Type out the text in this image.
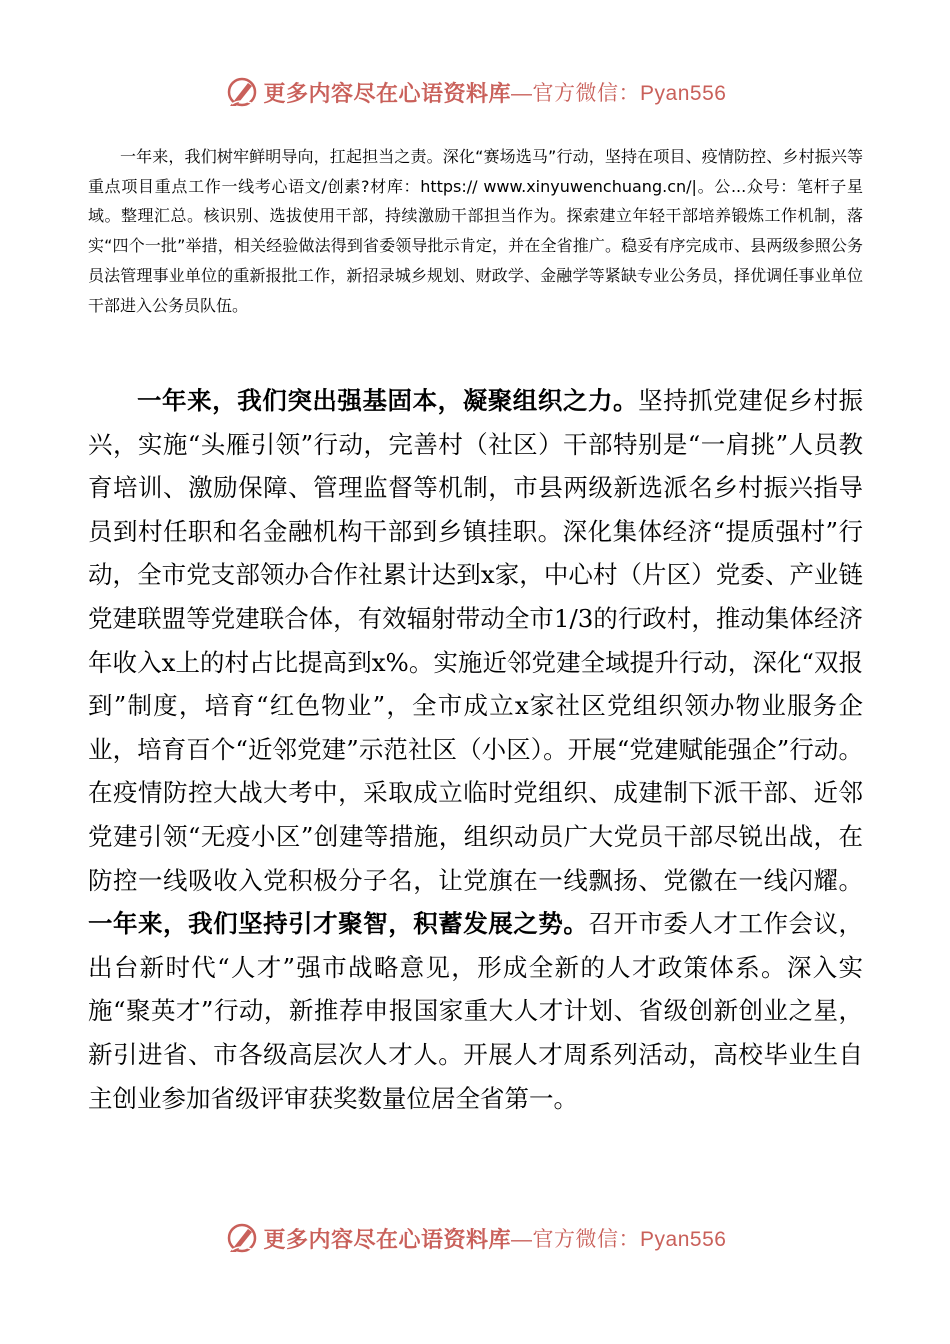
更多内容尽在心语资料库 —官方微信：Pyan556

一年来，我们树牢鲜明导向，扛起担当之责。深化“赛场选马”行动，坚持在项目、疫情防控、乡村振兴等重点项目重点工作一线考心语文/创素?材库：https:// www.xinyuwenchuang.cn/|。公...众号：笔杆子星域。整理汇总。核识别、选拔使用干部，持续激励干部担当作为。探索建立年轻干部培养锻炼工作机制，落实“四个一批”举措，相关经验做法得到省委领导批示肯定，并在全省推广。稳妥有序完成市、县两级参照公务员法管理事业单位的重新报批工作，新招录城乡规划、财政学、金融学等紧缺专业公务员，择优调任事业单位干部进入公务员队伍。

一年来，我们突出强基固本，凝聚组织之力。坚持抓党建促乡村振兴，实施“头雁引领”行动，完善村（社区）干部特别是“一肩挑”人员教育培训、激励保障、管理监督等机制，市县两级新选派名乡村振兴指导员到村任职和名金融机构干部到乡镇挂职。深化集体经济“提质强村”行动，全市党支部领办合作社累计达到x家，中心村（片区）党委、产业链党建联盟等党建联合体，有效辐射带动全市1/3的行政村，推动集体经济年收入x上的村占比提高到x%。实施近邻党建全域提升行动，深化“双报到”制度，培育“红色物业”，全市成立x家社区党组织领办物业服务企业，培育百个“近邻党建”示范社区（小区）。开展“党建赋能强企”行动。在疫情防控大战大考中，采取成立临时党组织、成建制下派干部、近邻党建引领“无疫小区”创建等措施，组织动员广大党员干部尽锐出战，在防控一线吸收入党积极分子名，让党旗在一线飘扬、党徽在一线闪耀。一年来，我们坚持引才聚智，积蓄发展之势。召开市委人才工作会议，出台新时代“人才”强市战略意见，形成全新的人才政策体系。深入实施“聚英才”行动，新推荐申报国家重大人才计划、省级创新创业之星，新引进省、市各级高层次人才人。开展人才周系列活动，高校毕业生自主创业参加省级评审获奖数量位居全省第一。

更多内容尽在心语资料库 —官方微信：Pyan556
